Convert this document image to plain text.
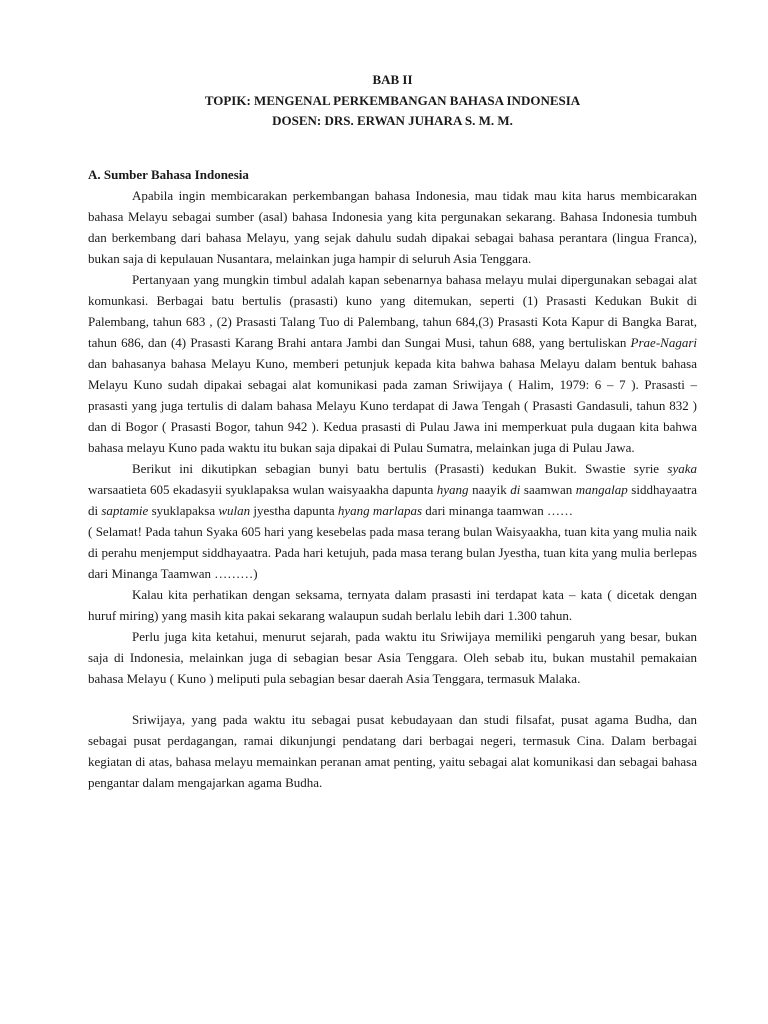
BAB II
TOPIK: MENGENAL PERKEMBANGAN BAHASA INDONESIA
DOSEN: DRS. ERWAN JUHARA S. M. M.
A. Sumber Bahasa Indonesia

Apabila ingin membicarakan perkembangan bahasa Indonesia, mau tidak mau kita harus membicarakan bahasa Melayu sebagai sumber (asal) bahasa Indonesia yang kita pergunakan sekarang. Bahasa Indonesia tumbuh dan berkembang dari bahasa Melayu, yang sejak dahulu sudah dipakai sebagai bahasa perantara (lingua Franca), bukan saja di kepulauan Nusantara, melainkan juga hampir di seluruh Asia Tenggara.

Pertanyaan yang mungkin timbul adalah kapan sebenarnya bahasa melayu mulai dipergunakan sebagai alat komunkasi. Berbagai batu bertulis (prasasti) kuno yang ditemukan, seperti (1) Prasasti Kedukan Bukit di Palembang, tahun 683 , (2) Prasasti Talang Tuo di Palembang, tahun 684,(3) Prasasti Kota Kapur di Bangka Barat, tahun 686, dan (4) Prasasti Karang Brahi antara Jambi dan Sungai Musi, tahun 688, yang bertuliskan Prae-Nagari dan bahasanya bahasa Melayu Kuno, memberi petunjuk kepada kita bahwa bahasa Melayu dalam bentuk bahasa Melayu Kuno sudah dipakai sebagai alat komunikasi pada zaman Sriwijaya ( Halim, 1979: 6 – 7 ). Prasasti – prasasti yang juga tertulis di dalam bahasa Melayu Kuno terdapat di Jawa Tengah ( Prasasti Gandasuli, tahun 832 ) dan di Bogor ( Prasasti Bogor, tahun 942 ). Kedua prasasti di Pulau Jawa ini memperkuat pula dugaan kita bahwa bahasa melayu Kuno pada waktu itu bukan saja dipakai di Pulau Sumatra, melainkan juga di Pulau Jawa.

Berikut ini dikutipkan sebagian bunyi batu bertulis (Prasasti) kedukan Bukit. Swastie syrie syaka warsaatieta 605 ekadasyii syuklapaksa wulan waisyaakha dapunta hyang naayik di saamwan mangalap siddhayaatra di saptamie syuklapaksa wulan jyestha dapunta hyang marlapas dari minanga taamwan ……

( Selamat! Pada tahun Syaka 605 hari yang kesebelas pada masa terang bulan Waisyaakha, tuan kita yang mulia naik di perahu menjemput siddhayaatra. Pada hari ketujuh, pada masa terang bulan Jyestha, tuan kita yang mulia berlepas dari Minanga Taamwan ………)

Kalau kita perhatikan dengan seksama, ternyata dalam prasasti ini terdapat kata – kata ( dicetak dengan huruf miring) yang masih kita pakai sekarang walaupun sudah berlalu lebih dari 1.300 tahun.

Perlu juga kita ketahui, menurut sejarah, pada waktu itu Sriwijaya memiliki pengaruh yang besar, bukan saja di Indonesia, melainkan juga di sebagian besar Asia Tenggara. Oleh sebab itu, bukan mustahil pemakaian bahasa Melayu ( Kuno ) meliputi pula sebagian besar daerah Asia Tenggara, termasuk Malaka.

Sriwijaya, yang pada waktu itu sebagai pusat kebudayaan dan studi filsafat, pusat agama Budha, dan sebagai pusat perdagangan, ramai dikunjungi pendatang dari berbagai negeri, termasuk Cina. Dalam berbagai kegiatan di atas, bahasa melayu memainkan peranan amat penting, yaitu sebagai alat komunikasi dan sebagai bahasa pengantar dalam mengajarkan agama Budha.
